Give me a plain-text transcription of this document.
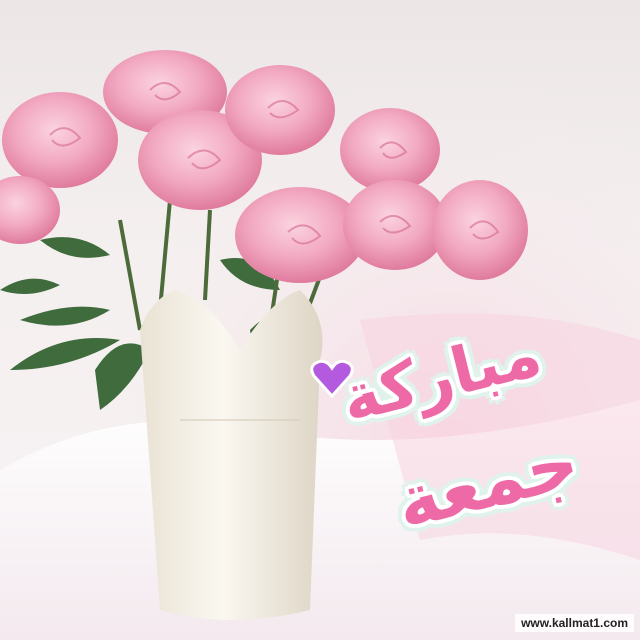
مباركة
جمعة
www.kallmat1.com
